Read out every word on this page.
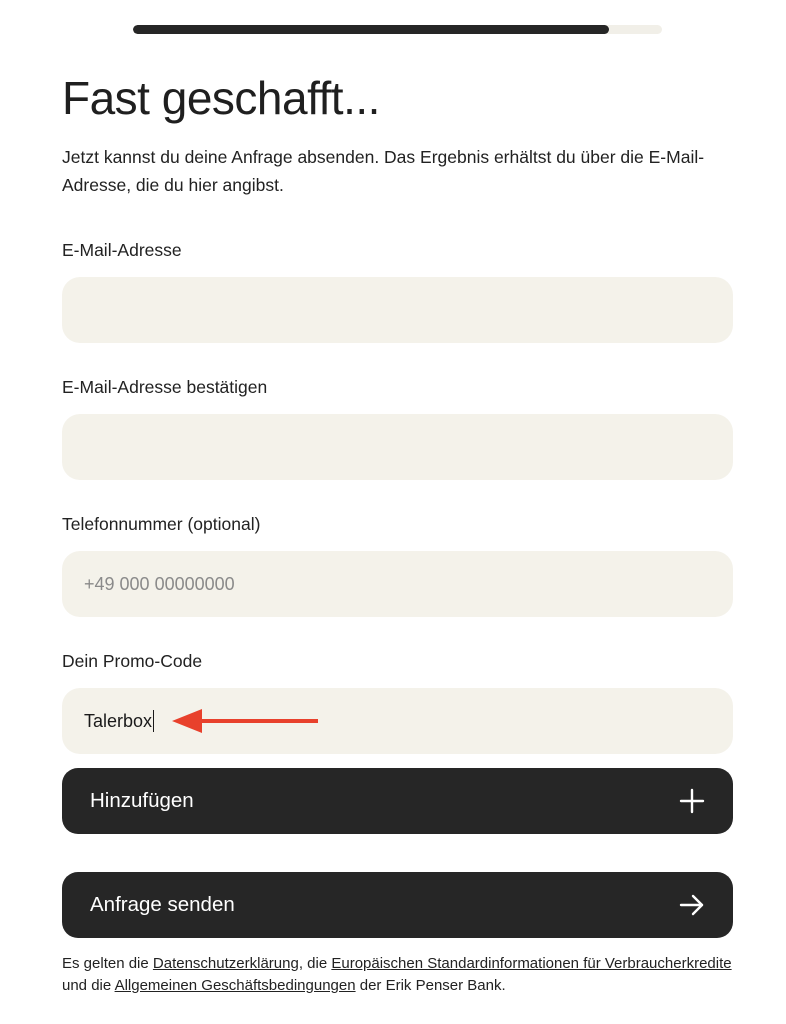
Fast geschafft...

Jetzt kannst du deine Anfrage absenden. Das Ergebnis erhältst du über die E-Mail-Adresse, die du hier angibst.

E-Mail-Adresse
E-Mail-Adresse bestätigen
Telefonnummer (optional)
+49 000 00000000
Dein Promo-Code
Talerbox
Hinzufügen
Anfrage senden

Es gelten die Datenschutzerklärung, die Europäischen Standardinformationen für Verbraucherkredite und die Allgemeinen Geschäftsbedingungen der Erik Penser Bank.
